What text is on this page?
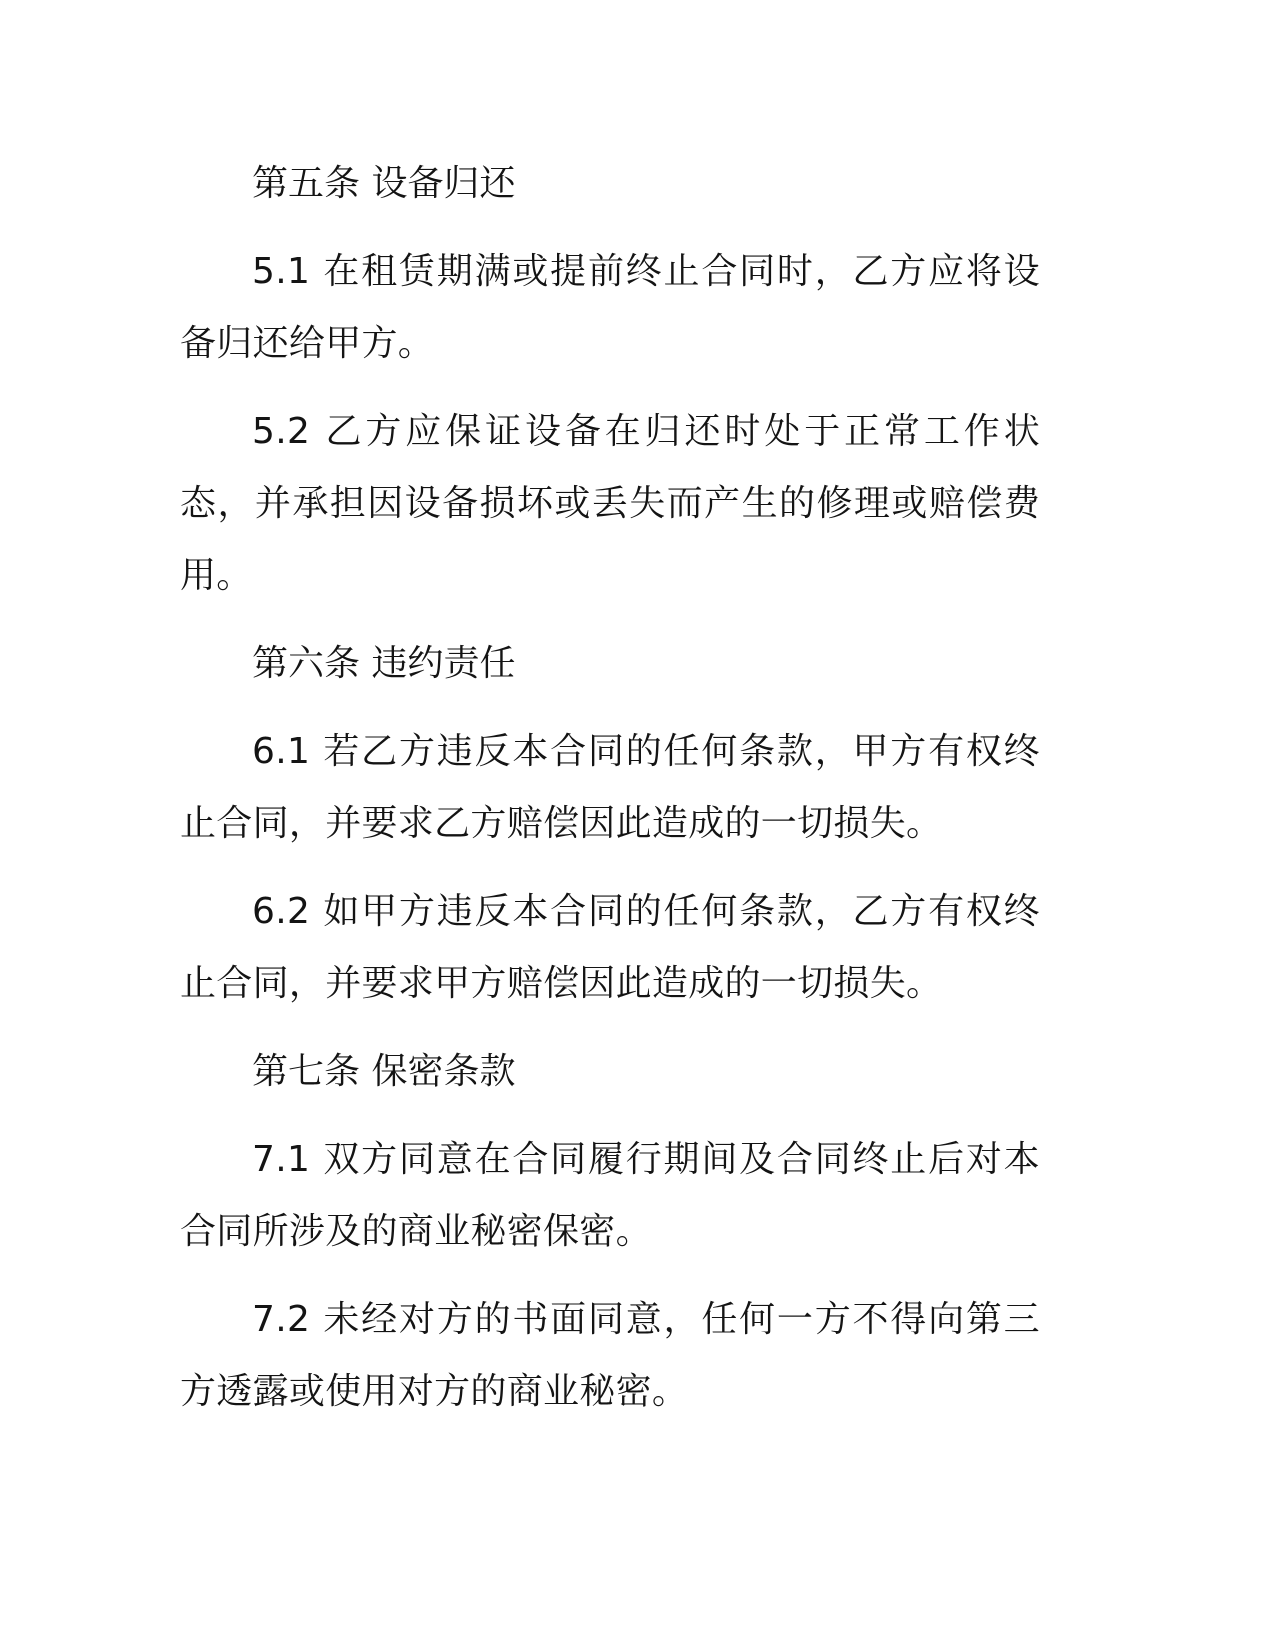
第五条 设备归还

5.1 在租赁期满或提前终止合同时，乙方应将设备归还给甲方。

5.2 乙方应保证设备在归还时处于正常工作状态，并承担因设备损坏或丢失而产生的修理或赔偿费用。

第六条 违约责任

6.1 若乙方违反本合同的任何条款，甲方有权终止合同，并要求乙方赔偿因此造成的一切损失。

6.2 如甲方违反本合同的任何条款，乙方有权终止合同，并要求甲方赔偿因此造成的一切损失。

第七条 保密条款

7.1 双方同意在合同履行期间及合同终止后对本合同所涉及的商业秘密保密。

7.2 未经对方的书面同意，任何一方不得向第三方透露或使用对方的商业秘密。
